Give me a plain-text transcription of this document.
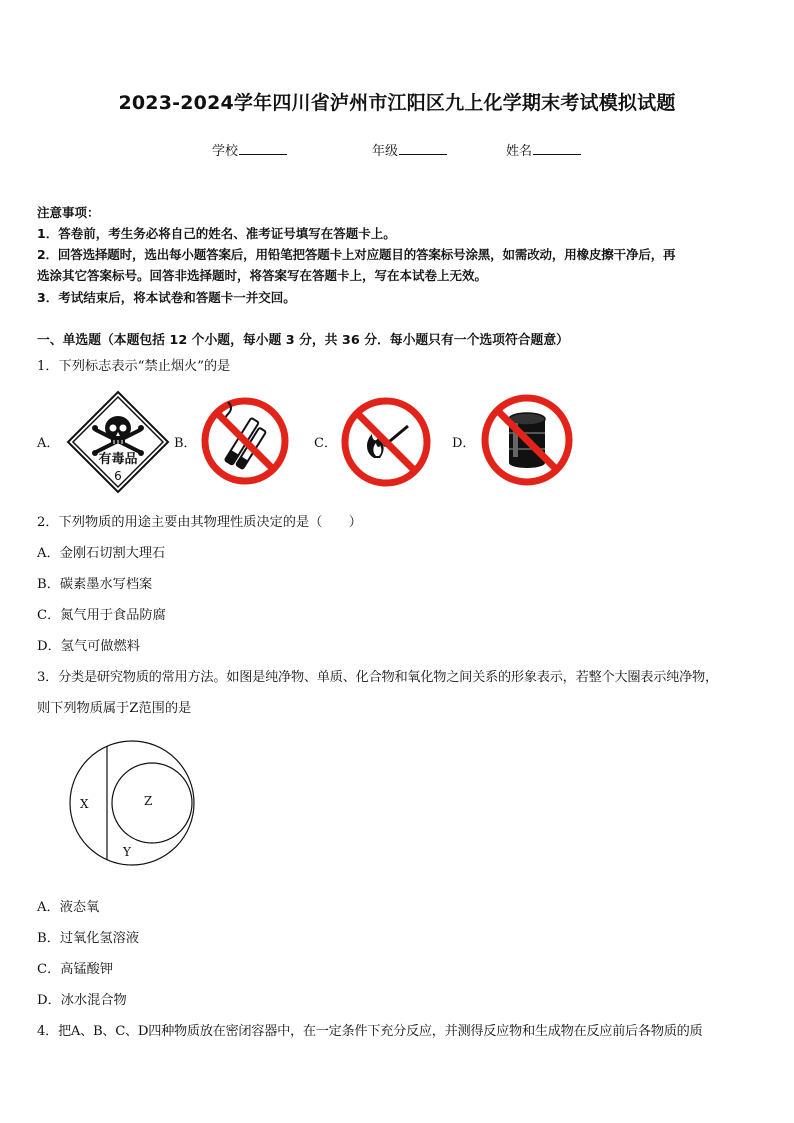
2023-2024学年四川省泸州市江阳区九上化学期末考试模拟试题
学校	年级	姓名
注意事项：
1．答卷前，考生务必将自己的姓名、准考证号填写在答题卡上。
2．回答选择题时，选出每小题答案后，用铅笔把答题卡上对应题目的答案标号涂黑，如需改动，用橡皮擦干净后，再
选涂其它答案标号。回答非选择题时，将答案写在答题卡上，写在本试卷上无效。
3．考试结束后，将本试卷和答题卡一并交回。
一、单选题（本题包括 12 个小题，每小题 3 分，共 36 分．每小题只有一个选项符合题意）
1．下列标志表示“禁止烟火”的是
A．	B．	C．	D．
有毒品
6
2．下列物质的用途主要由其物理性质决定的是（　　）
A．金刚石切割大理石
B．碳素墨水写档案
C．氮气用于食品防腐
D．氢气可做燃料
3．分类是研究物质的常用方法。如图是纯净物、单质、化合物和氧化物之间关系的形象表示，若整个大圈表示纯净物，
则下列物质属于Z范围的是
X	Z
Y
A．液态氧
B．过氧化氢溶液
C．高锰酸钾
D．冰水混合物
4．把A、B、C、D四种物质放在密闭容器中，在一定条件下充分反应，并测得反应物和生成物在反应前后各物质的质
